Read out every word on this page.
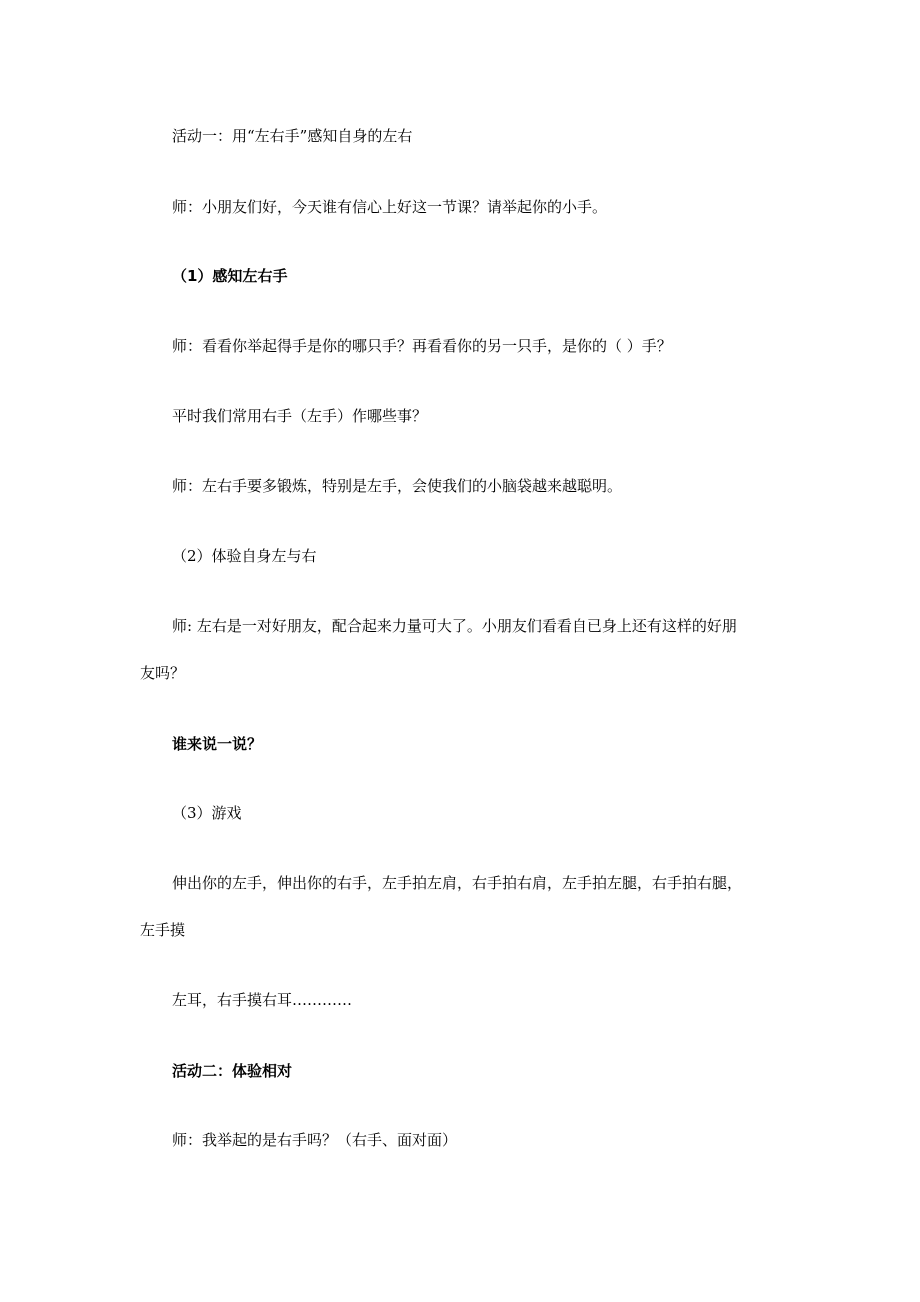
活动一：用“左右手”感知自身的左右
师：小朋友们好，今天谁有信心上好这一节课？请举起你的小手。
（1）感知左右手
师：看看你举起得手是你的哪只手？再看看你的另一只手，是你的（ ）手？
平时我们常用右手（左手）作哪些事？
师：左右手要多锻炼，特别是左手，会使我们的小脑袋越来越聪明。
（2）体验自身左与右
师: 左右是一对好朋友，配合起来力量可大了。小朋友们看看自已身上还有这样的好朋
友吗？
谁来说一说？
（3）游戏
伸出你的左手，伸出你的右手，左手拍左肩，右手拍右肩，左手拍左腿，右手拍右腿，
左手摸
左耳，右手摸右耳…………
活动二：体验相对
师：我举起的是右手吗？（右手、面对面）
